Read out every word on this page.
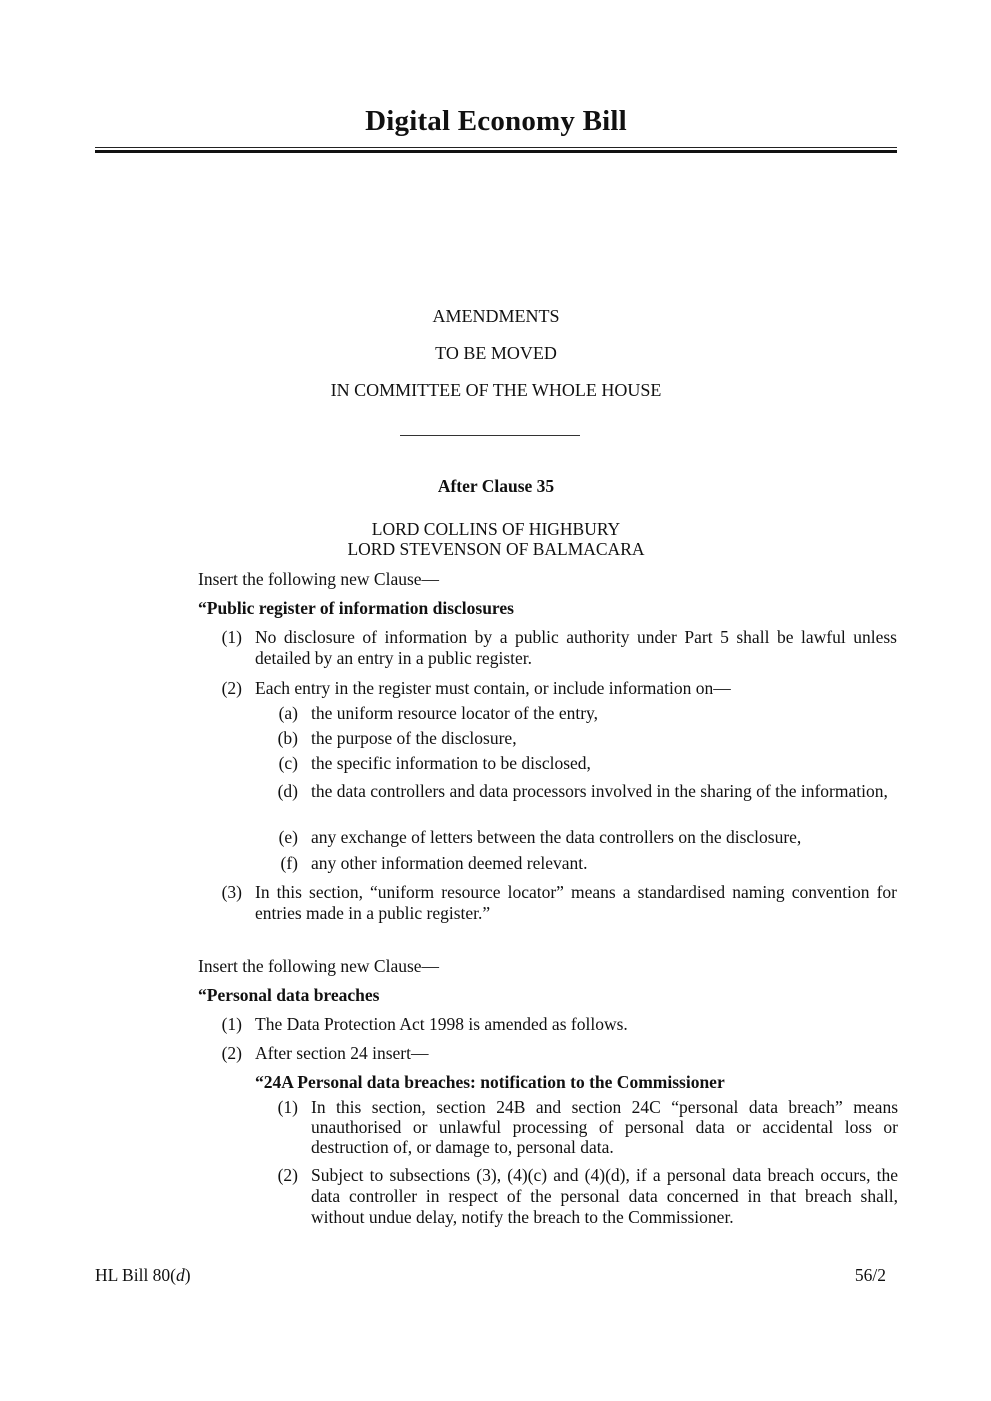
Digital Economy Bill
AMENDMENTS
TO BE MOVED
IN COMMITTEE OF THE WHOLE HOUSE
After Clause 35
LORD COLLINS OF HIGHBURY
LORD STEVENSON OF BALMACARA
Insert the following new Clause—
“Public register of information disclosures
(1) No disclosure of information by a public authority under Part 5 shall be lawful unless detailed by an entry in a public register.
(2) Each entry in the register must contain, or include information on—
(a) the uniform resource locator of the entry,
(b) the purpose of the disclosure,
(c) the specific information to be disclosed,
(d) the data controllers and data processors involved in the sharing of the information,
(e) any exchange of letters between the data controllers on the disclosure,
(f) any other information deemed relevant.
(3) In this section, “uniform resource locator” means a standardised naming convention for entries made in a public register.”
Insert the following new Clause—
“Personal data breaches
(1) The Data Protection Act 1998 is amended as follows.
(2) After section 24 insert—
“24A Personal data breaches: notification to the Commissioner
(1) In this section, section 24B and section 24C “personal data breach” means unauthorised or unlawful processing of personal data or accidental loss or destruction of, or damage to, personal data.
(2) Subject to subsections (3), (4)(c) and (4)(d), if a personal data breach occurs, the data controller in respect of the personal data concerned in that breach shall, without undue delay, notify the breach to the Commissioner.
HL Bill 80(d)	56/2
